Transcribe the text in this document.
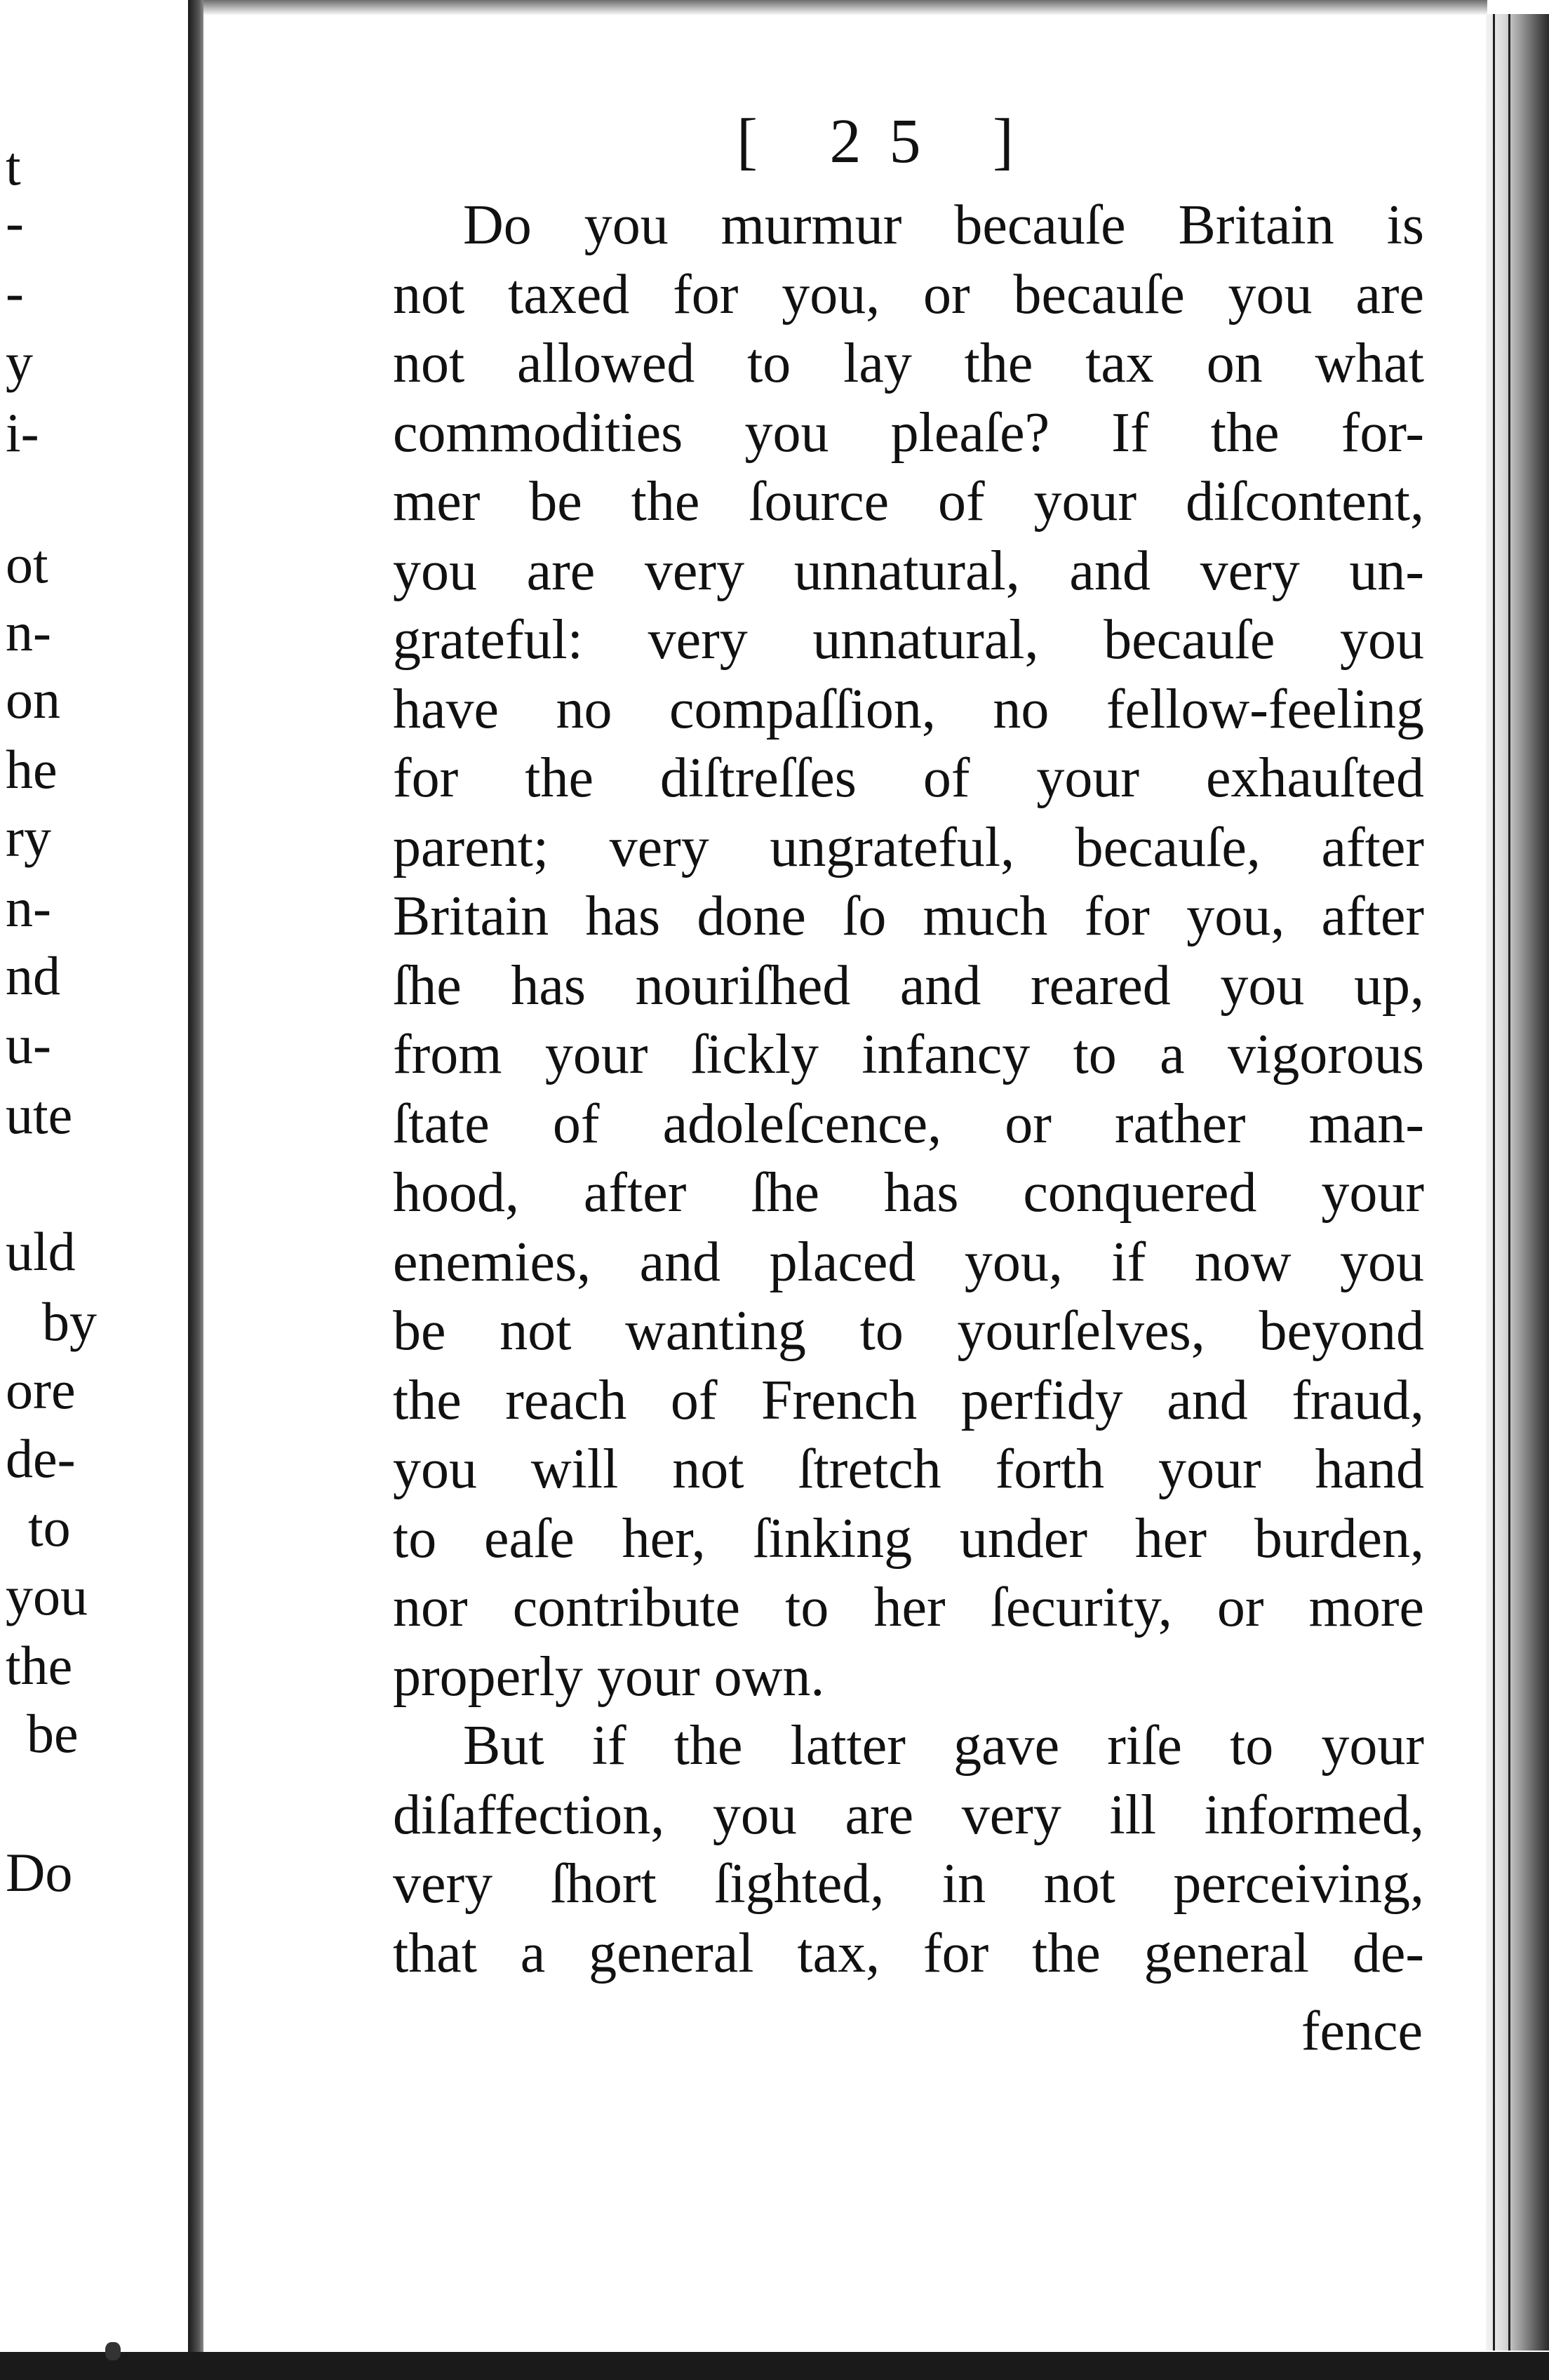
t
-
-
y
i-
ot
n-
on
he
ry
n-
nd
u-
ute
uld
by
ore
de-
to
you
the
be
Do
[ 25 ]
Do you murmur becauſe Britain is
not taxed for you, or becauſe you are
not allowed to lay the tax on what
commodities you pleaſe? If the for-
mer be the ſource of your diſcontent,
you are very unnatural, and very un-
grateful: very unnatural, becauſe you
have no compaſſion, no fellow-feeling
for the diſtreſſes of your exhauſted
parent; very ungrateful, becauſe, after
Britain has done ſo much for you, after
ſhe has nouriſhed and reared you up,
from your ſickly infancy to a vigorous
ſtate of adoleſcence, or rather man-
hood, after ſhe has conquered your
enemies, and placed you, if now you
be not wanting to yourſelves, beyond
the reach of French perfidy and fraud,
you will not ſtretch forth your hand
to eaſe her, ſinking under her burden,
nor contribute to her ſecurity, or more
properly your own.
But if the latter gave riſe to your
diſaffection, you are very ill informed,
very ſhort ſighted, in not perceiving,
that a general tax, for the general de-
fence
